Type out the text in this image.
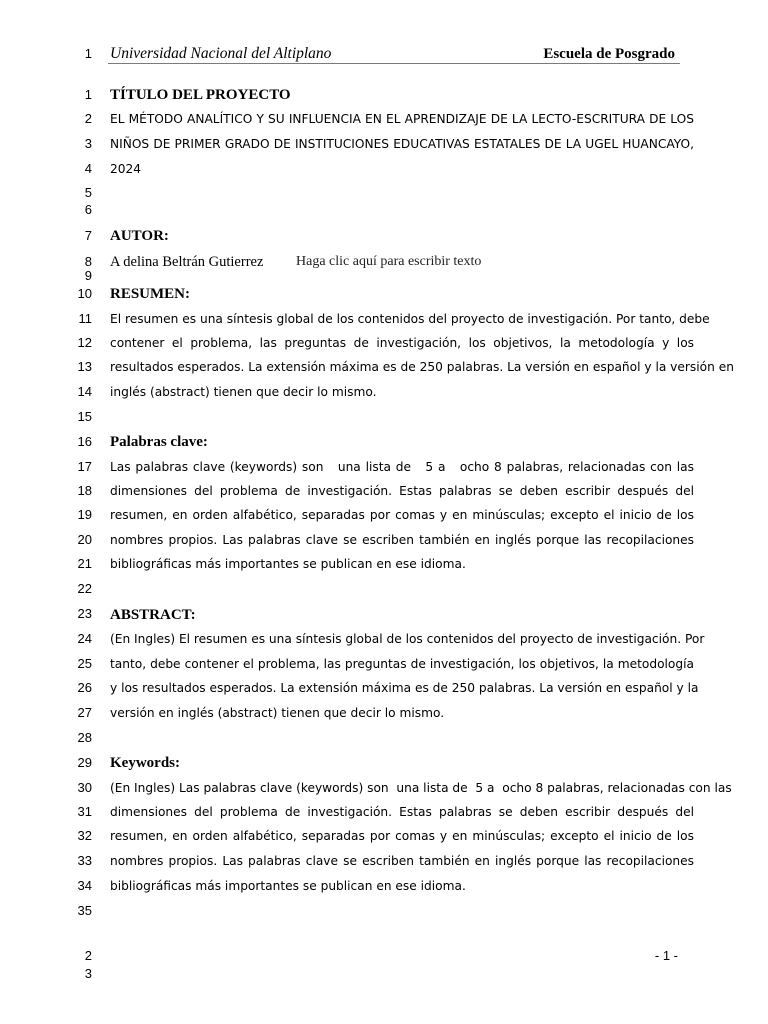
1 Universidad Nacional del Altiplano	Escuela de Posgrado
1
2
3
4
5
6
7
8
9
10
11
12
13
14
15
16
17
18
19
20
21
22
23
24
25
26
27
28
29
30
31
32
33
34
35
TÍTULO DEL PROYECTO
EL MÉTODO ANALÍTICO Y SU INFLUENCIA EN EL APRENDIZAJE DE LA LECTO-ESCRITURA DE LOS
NIÑOS DE PRIMER GRADO DE INSTITUCIONES EDUCATIVAS ESTATALES DE LA UGEL HUANCAYO,
2024
AUTOR:
A delina Beltrán Gutierrez Haga clic aquí para escribir texto
RESUMEN:
El resumen es una síntesis global de los contenidos del proyecto de investigación. Por tanto, debe
contener el problema, las preguntas de investigación, los objetivos, la metodología y los
resultados esperados. La extensión máxima es de 250 palabras. La versión en español y la versión en
inglés (abstract) tienen que decir lo mismo.
Palabras clave:
Las palabras clave (keywords) son   una lista de   5 a   ocho 8 palabras, relacionadas con las
dimensiones del problema de investigación. Estas palabras se deben escribir después del
resumen, en orden alfabético, separadas por comas y en minúsculas; excepto el inicio de los
nombres propios. Las palabras clave se escriben también en inglés porque las recopilaciones
bibliográficas más importantes se publican en ese idioma.
ABSTRACT:
(En Ingles) El resumen es una síntesis global de los contenidos del proyecto de investigación. Por
tanto, debe contener el problema, las preguntas de investigación, los objetivos, la metodología
y los resultados esperados. La extensión máxima es de 250 palabras. La versión en español y la
versión en inglés (abstract) tienen que decir lo mismo.
Keywords:
(En Ingles) Las palabras clave (keywords) son  una lista de  5 a  ocho 8 palabras, relacionadas con las
dimensiones del problema de investigación. Estas palabras se deben escribir después del
resumen, en orden alfabético, separadas por comas y en minúsculas; excepto el inicio de los
nombres propios. Las palabras clave se escriben también en inglés porque las recopilaciones
bibliográficas más importantes se publican en ese idioma.
2
3
- 1 -
